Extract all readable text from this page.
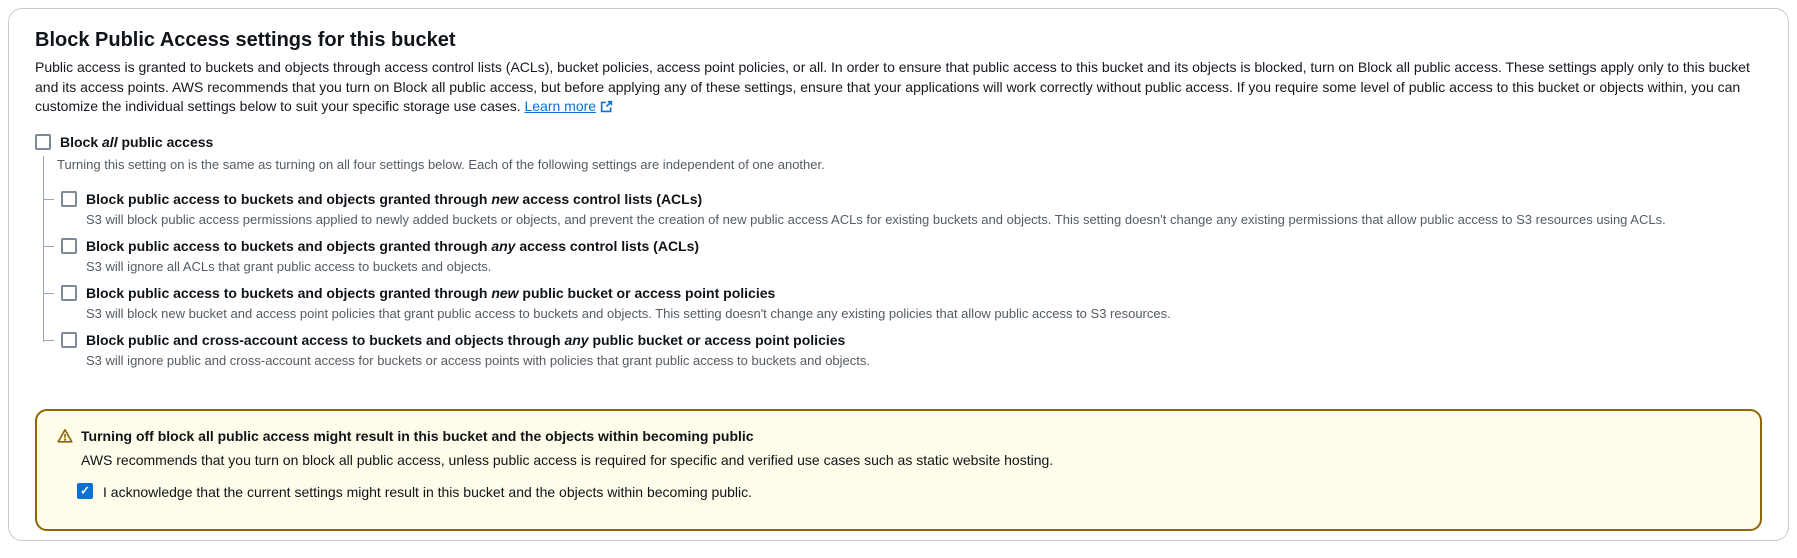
Block Public Access settings for this bucket

Public access is granted to buckets and objects through access control lists (ACLs), bucket policies, access point policies, or all. In order to ensure that public access to this bucket and its objects is blocked, turn on Block all public access. These settings apply only to this bucket and its access points. AWS recommends that you turn on Block all public access, but before applying any of these settings, ensure that your applications will work correctly without public access. If you require some level of public access to this bucket or objects within, you can customize the individual settings below to suit your specific storage use cases. Learn more

Block all public access
Turning this setting on is the same as turning on all four settings below. Each of the following settings are independent of one another.
Block public access to buckets and objects granted through new access control lists (ACLs)
S3 will block public access permissions applied to newly added buckets or objects, and prevent the creation of new public access ACLs for existing buckets and objects. This setting doesn't change any existing permissions that allow public access to S3 resources using ACLs.
Block public access to buckets and objects granted through any access control lists (ACLs)
S3 will ignore all ACLs that grant public access to buckets and objects.
Block public access to buckets and objects granted through new public bucket or access point policies
S3 will block new bucket and access point policies that grant public access to buckets and objects. This setting doesn't change any existing policies that allow public access to S3 resources.
Block public and cross-account access to buckets and objects through any public bucket or access point policies
S3 will ignore public and cross-account access for buckets or access points with policies that grant public access to buckets and objects.
Turning off block all public access might result in this bucket and the objects within becoming public
AWS recommends that you turn on block all public access, unless public access is required for specific and verified use cases such as static website hosting.
✓
I acknowledge that the current settings might result in this bucket and the objects within becoming public.
